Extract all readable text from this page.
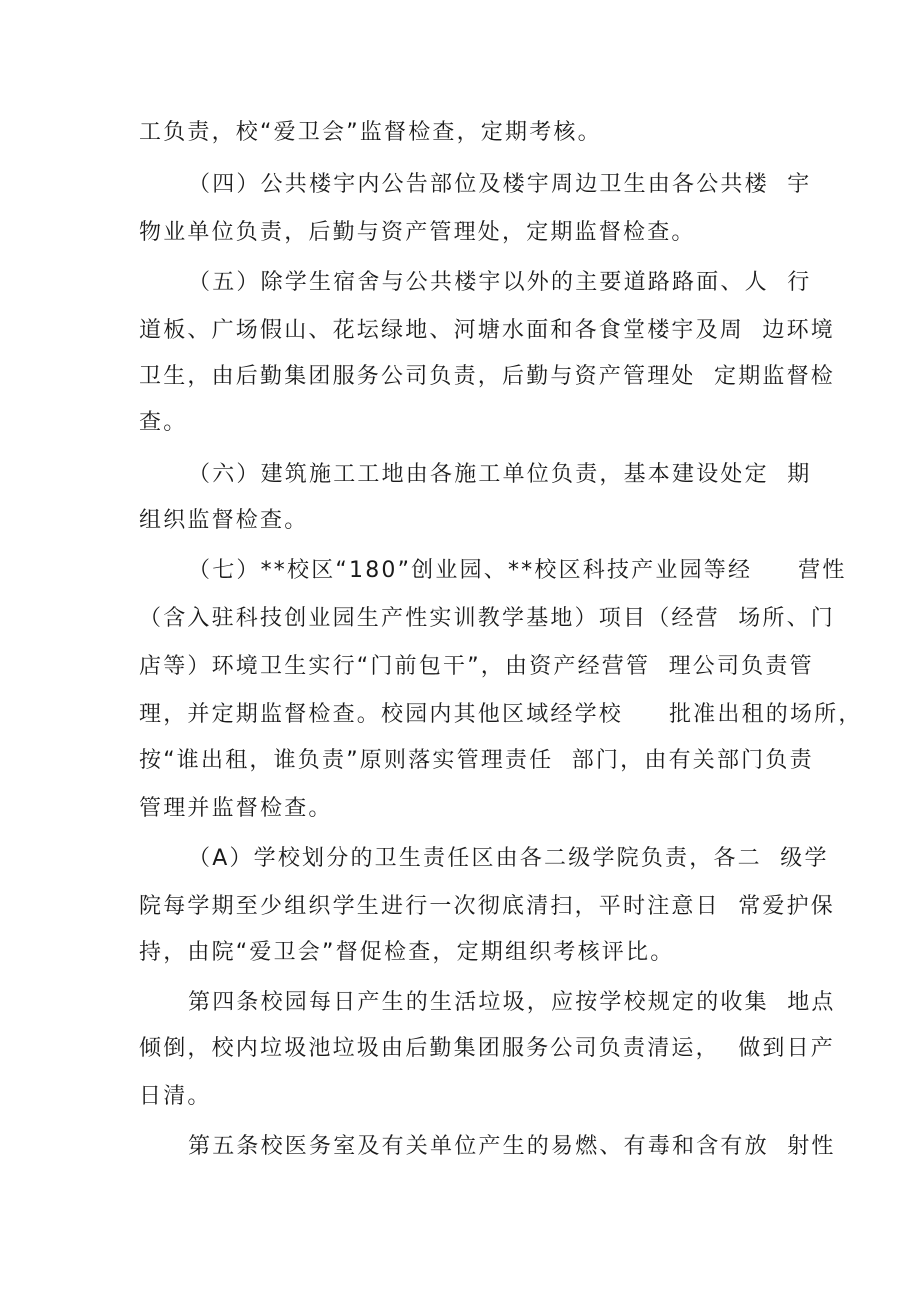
工负责，校“爱卫会”监督检查，定期考核。
（四）公共楼宇内公告部位及楼宇周边卫生由各公共楼  宇
物业单位负责，后勤与资产管理处，定期监督检查。
（五）除学生宿舍与公共楼宇以外的主要道路路面、人  行
道板、广场假山、花坛绿地、河塘水面和各食堂楼宇及周  边环境
卫生，由后勤集团服务公司负责，后勤与资产管理处  定期监督检
查。
（六）建筑施工工地由各施工单位负责，基本建设处定  期
组织监督检查。
（七）**校区“180”创业园、**校区科技产业园等经     营性
（含入驻科技创业园生产性实训教学基地）项目（经营  场所、门
店等）环境卫生实行“门前包干”，由资产经营管  理公司负责管
理，并定期监督检查。校园内其他区域经学校     批准出租的场所，
按“谁出租，谁负责”原则落实管理责任  部门，由有关部门负责
管理并监督检查。
（A）学校划分的卫生责任区由各二级学院负责，各二  级学
院每学期至少组织学生进行一次彻底清扫，平时注意日  常爱护保
持，由院“爱卫会”督促检查，定期组织考核评比。
第四条校园每日产生的生活垃圾，应按学校规定的收集  地点
倾倒，校内垃圾池垃圾由后勤集团服务公司负责清运，  做到日产
日清。
第五条校医务室及有关单位产生的易燃、有毒和含有放  射性
